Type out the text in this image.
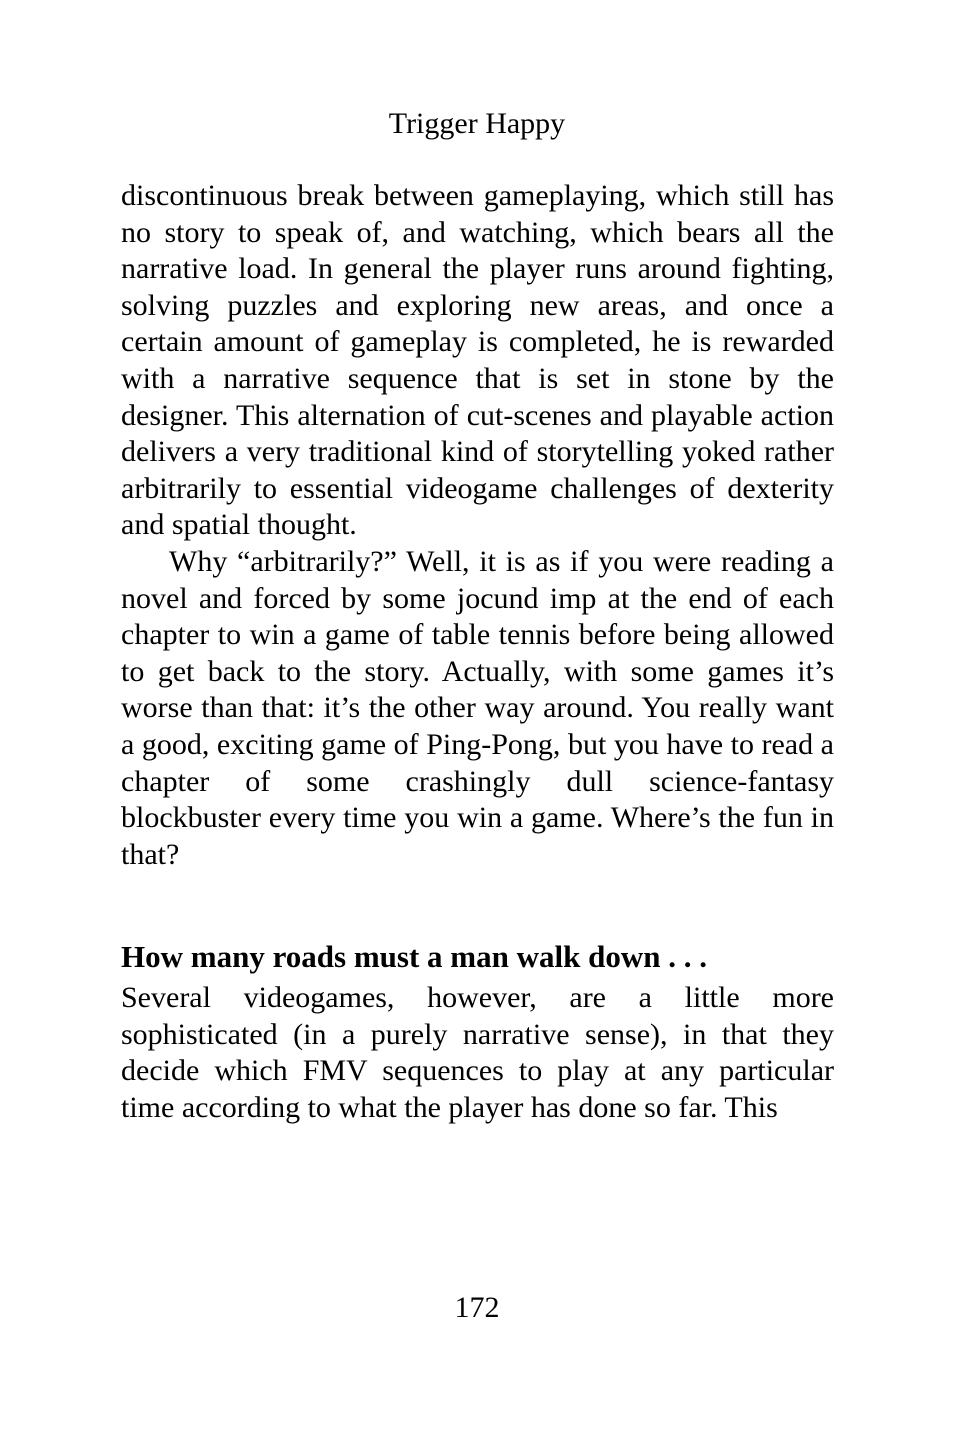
Trigger Happy

discontinuous break between gameplaying, which still has no story to speak of, and watching, which bears all the narrative load. In general the player runs around fighting, solving puzzles and exploring new areas, and once a certain amount of gameplay is completed, he is rewarded with a narrative sequence that is set in stone by the designer. This alternation of cut-scenes and playable action delivers a very traditional kind of storytelling yoked rather arbitrarily to essential videogame challenges of dexterity and spatial thought.

Why “arbitrarily?” Well, it is as if you were reading a novel and forced by some jocund imp at the end of each chapter to win a game of table tennis before being allowed to get back to the story. Actually, with some games it’s worse than that: it’s the other way around. You really want a good, exciting game of Ping-Pong, but you have to read a chapter of some crashingly dull science-fantasy blockbuster every time you win a game. Where’s the fun in that?

How many roads must a man walk down . . .

Several videogames, however, are a little more sophisticated (in a purely narrative sense), in that they decide which FMV sequences to play at any particular time according to what the player has done so far. This

172
